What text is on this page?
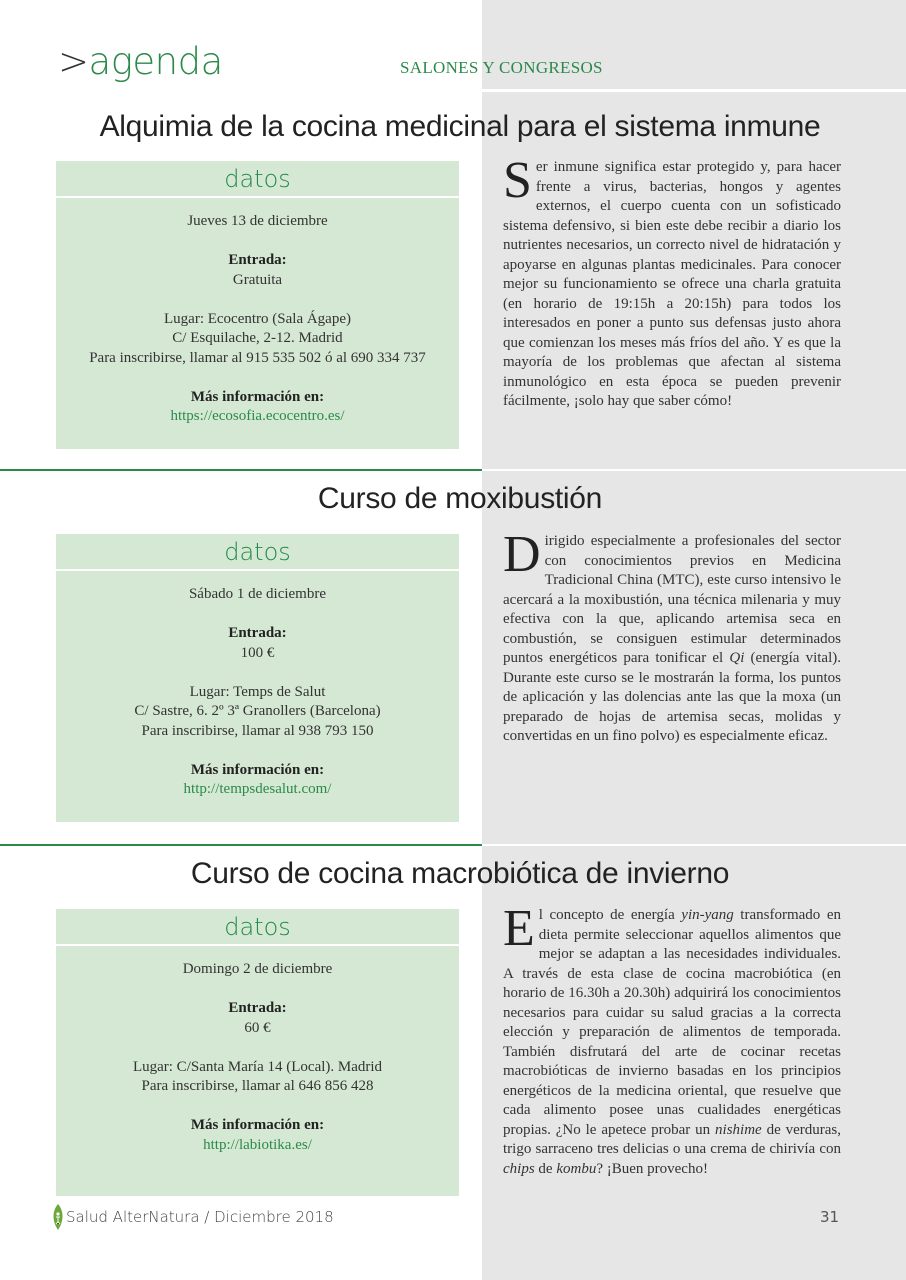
>agenda	SALONES Y CONGRESOS
Alquimia de la cocina medicinal para el sistema inmune
datos
Jueves 13 de diciembre
Entrada:
Gratuita
Lugar: Ecocentro (Sala Ágape)
C/ Esquilache, 2-12. Madrid
Para inscribirse, llamar al 915 535 502 ó al 690 334 737
Más información en:
https://ecosofia.ecocentro.es/
Ser inmune significa estar protegido y, para hacer frente a virus, bacterias, hongos y agentes externos, el cuerpo cuenta con un sofisticado sistema defensivo, si bien este debe recibir a diario los nutrientes necesarios, un correcto nivel de hidratación y apoyarse en algunas plantas medicinales. Para conocer mejor su funcionamiento se ofrece una charla gratuita (en horario de 19:15h a 20:15h) para todos los interesados en poner a punto sus defensas justo ahora que comienzan los meses más fríos del año. Y es que la mayoría de los problemas que afectan al sistema inmunológico en esta época se pueden prevenir fácilmente, ¡solo hay que saber cómo!
Curso de moxibustión
datos
Sábado 1 de diciembre
Entrada:
100 €
Lugar: Temps de Salut
C/ Sastre, 6. 2º 3ª Granollers (Barcelona)
Para inscribirse, llamar al 938 793 150
Más información en:
http://tempsdesalut.com/
Dirigido especialmente a profesionales del sector con conocimientos previos en Medicina Tradicional China (MTC), este curso intensivo le acercará a la moxibustión, una técnica milenaria y muy efectiva con la que, aplicando artemisa seca en combustión, se consiguen estimular determinados puntos energéticos para tonificar el Qi (energía vital). Durante este curso se le mostrarán la forma, los puntos de aplicación y las dolencias ante las que la moxa (un preparado de hojas de artemisa secas, molidas y convertidas en un fino polvo) es especialmente eficaz.
Curso de cocina macrobiótica de invierno
datos
Domingo 2 de diciembre
Entrada:
60 €
Lugar: C/Santa María 14 (Local). Madrid
Para inscribirse, llamar al 646 856 428
Más información en:
http://labiotika.es/
El concepto de energía yin-yang transformado en dieta permite seleccionar aquellos alimentos que mejor se adaptan a las necesidades individuales. A través de esta clase de cocina macrobiótica (en horario de 16.30h a 20.30h) adquirirá los conocimientos necesarios para cuidar su salud gracias a la correcta elección y preparación de alimentos de temporada. También disfrutará del arte de cocinar recetas macrobióticas de invierno basadas en los principios energéticos de la medicina oriental, que resuelve que cada alimento posee unas cualidades energéticas propias. ¿No le apetece probar un nishime de verduras, trigo sarraceno tres delicias o una crema de chirivía con chips de kombu? ¡Buen provecho!
Salud AlterNatura / Diciembre 2018	31
